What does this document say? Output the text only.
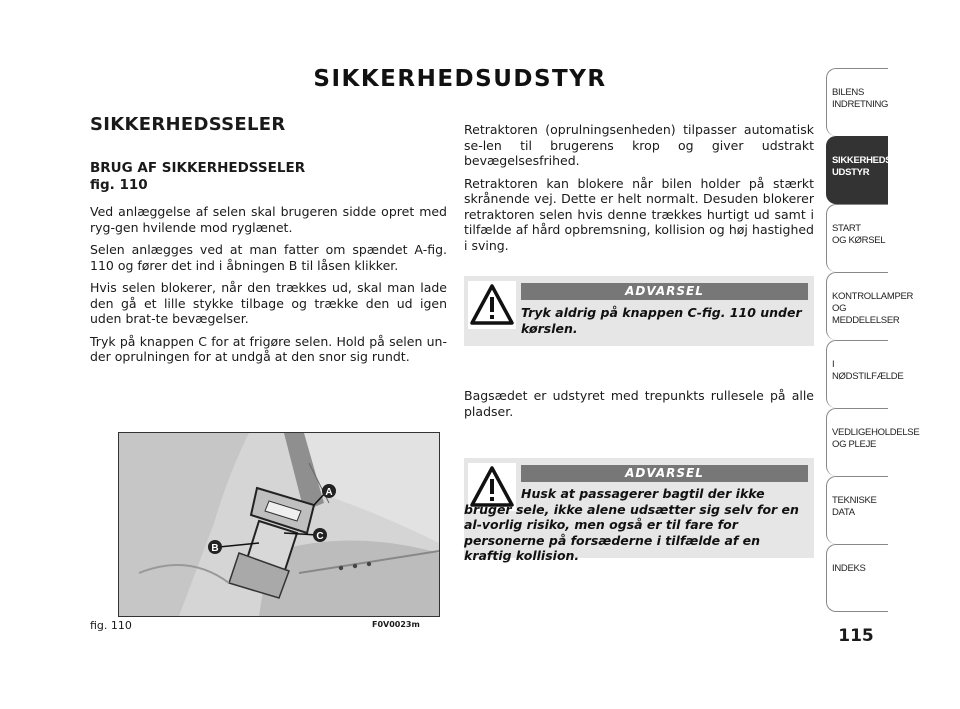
SIKKERHEDSUDSTYR
SIKKERHEDSSELER
BRUG AF SIKKERHEDSSELER
fig. 110

Ved anlæggelse af selen skal brugeren sidde opret med ryg-gen hvilende mod ryglænet.

Selen anlægges ved at man fatter om spændet A-fig. 110 og fører det ind i åbningen B til låsen klikker.

Hvis selen blokerer, når den trækkes ud, skal man lade den gå et lille stykke tilbage og trække den ud igen uden brat-te bevægelser.

Tryk på knappen C for at frigøre selen. Hold på selen un-der oprulningen for at undgå at den snor sig rundt.

Retraktoren (oprulningsenheden) tilpasser automatisk se-len til brugerens krop og giver udstrakt bevægelsesfrihed.

Retraktoren kan blokere når bilen holder på stærkt skrånende vej. Dette er helt normalt. Desuden blokerer retraktoren selen hvis denne trækkes hurtigt ud samt i tilfælde af hård opbremsning, kollision og høj hastighed i sving.

ADVARSEL
Tryk aldrig på knappen C-fig. 110 under kørslen.
Bagsædet er udstyret med trepunkts rullesele på alle pladser.
ADVARSEL
Husk at passagerer bagtil der ikke bruger sele, ikke alene udsætter sig selv for en al-vorlig risiko, men også er til fare for personerne på forsæderne i tilfælde af en kraftig kollision.
A
C
B
fig. 110	F0V0023m
BILENS
INDRETNING
SIKKERHEDS-
UDSTYR
START
OG KØRSEL
KONTROLLAMPER
OG MEDDELELSER
I NØDSTILFÆLDE
VEDLIGEHOLDELSE
OG PLEJE
TEKNISKE DATA
INDEKS
115
